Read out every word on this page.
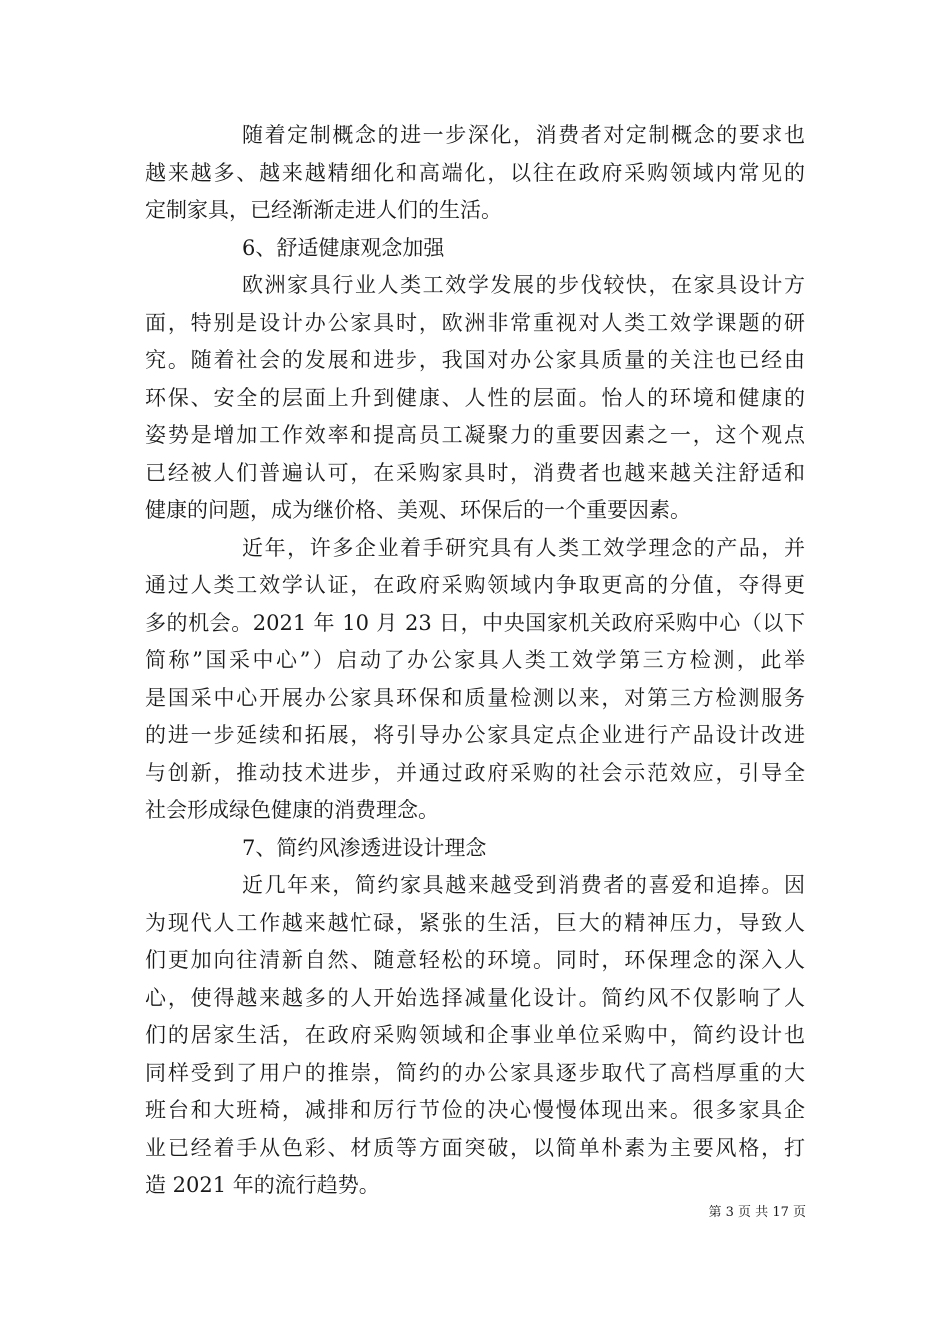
随着定制概念的进一步深化，消费者对定制概念的要求也
越来越多、越来越精细化和高端化，以往在政府采购领域内常见的
定制家具，已经渐渐走进人们的生活。
6、舒适健康观念加强
欧洲家具行业人类工效学发展的步伐较快，在家具设计方
面，特别是设计办公家具时，欧洲非常重视对人类工效学课题的研
究。随着社会的发展和进步，我国对办公家具质量的关注也已经由
环保、安全的层面上升到健康、人性的层面。怡人的环境和健康的
姿势是增加工作效率和提高员工凝聚力的重要因素之一，这个观点
已经被人们普遍认可，在采购家具时，消费者也越来越关注舒适和
健康的问题，成为继价格、美观、环保后的一个重要因素。
近年，许多企业着手研究具有人类工效学理念的产品，并
通过人类工效学认证，在政府采购领域内争取更高的分值，夺得更
多的机会。2021 年 10 月 23 日，中央国家机关政府采购中心（以下
简称”国采中心”）启动了办公家具人类工效学第三方检测，此举
是国采中心开展办公家具环保和质量检测以来，对第三方检测服务
的进一步延续和拓展，将引导办公家具定点企业进行产品设计改进
与创新，推动技术进步，并通过政府采购的社会示范效应，引导全
社会形成绿色健康的消费理念。
7、简约风渗透进设计理念
近几年来，简约家具越来越受到消费者的喜爱和追捧。因
为现代人工作越来越忙碌，紧张的生活，巨大的精神压力，导致人
们更加向往清新自然、随意轻松的环境。同时，环保理念的深入人
心，使得越来越多的人开始选择减量化设计。简约风不仅影响了人
们的居家生活，在政府采购领域和企事业单位采购中，简约设计也
同样受到了用户的推崇，简约的办公家具逐步取代了高档厚重的大
班台和大班椅，减排和厉行节俭的决心慢慢体现出来。很多家具企
业已经着手从色彩、材质等方面突破，以简单朴素为主要风格，打
造 2021 年的流行趋势。
第 3 页 共 17 页
